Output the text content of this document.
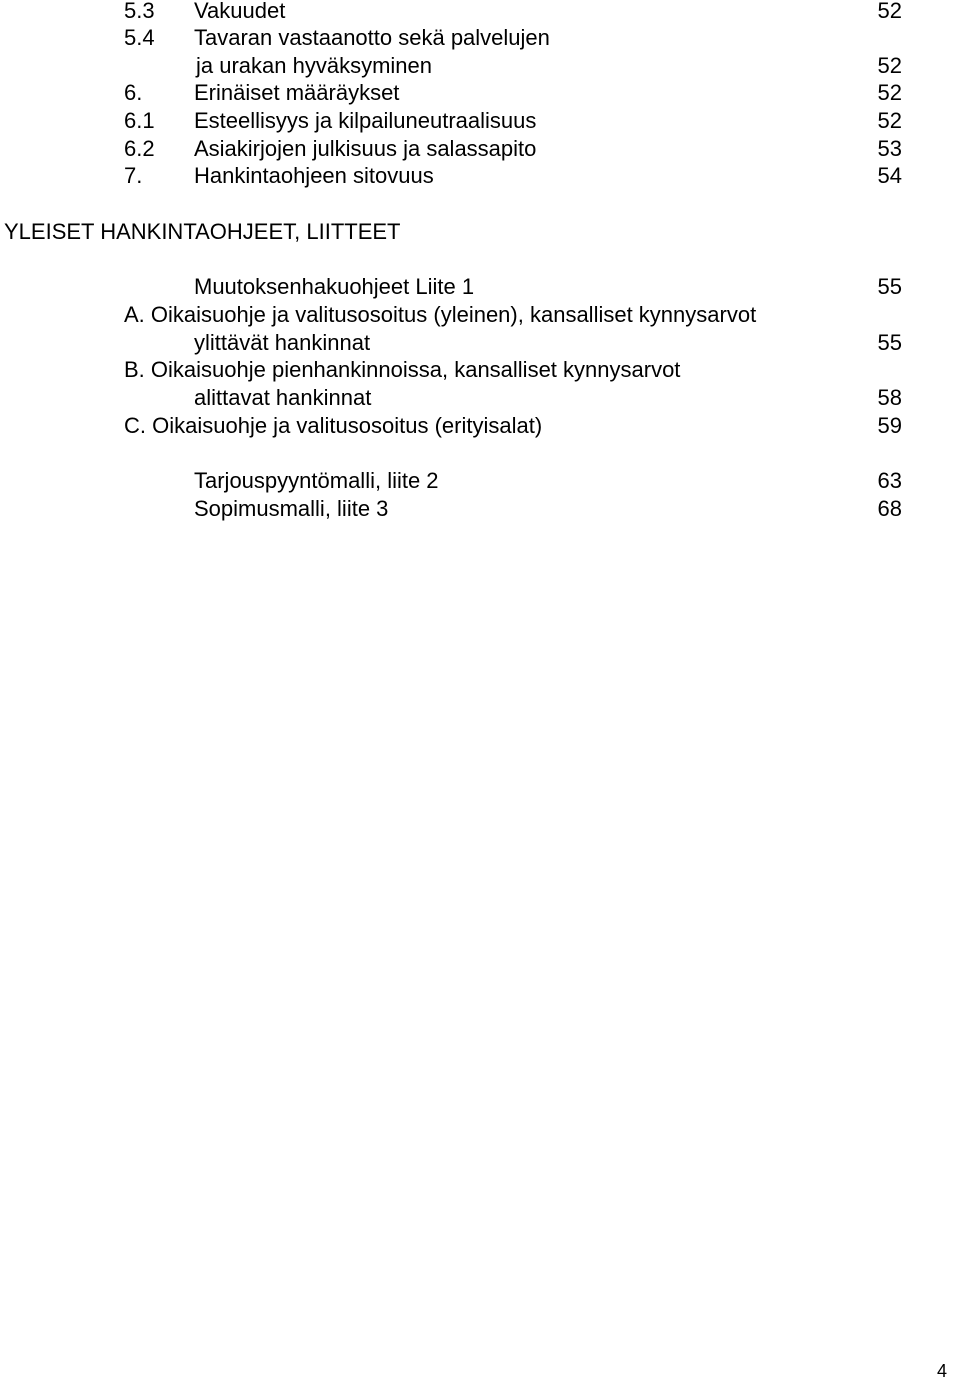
5.3 Vakuudet	52
5.4 Tavaran vastaanotto sekä palvelujen
ja urakan hyväksyminen	52
6. Erinäiset määräykset	52
6.1 Esteellisyys ja kilpailuneutraalisuus	52
6.2 Asiakirjojen julkisuus ja salassapito	53
7. Hankintaohjeen sitovuus	54
YLEISET HANKINTAOHJEET, LIITTEET
Muutoksenhakuohjeet Liite 1	55
A. Oikaisuohje ja valitusosoitus (yleinen), kansalliset kynnysarvot
ylittävät hankinnat	55
B. Oikaisuohje pienhankinnoissa, kansalliset kynnysarvot
alittavat hankinnat	58
C. Oikaisuohje ja valitusosoitus (erityisalat)	59
Tarjouspyyntömalli, liite 2	63
Sopimusmalli, liite 3	68
4
